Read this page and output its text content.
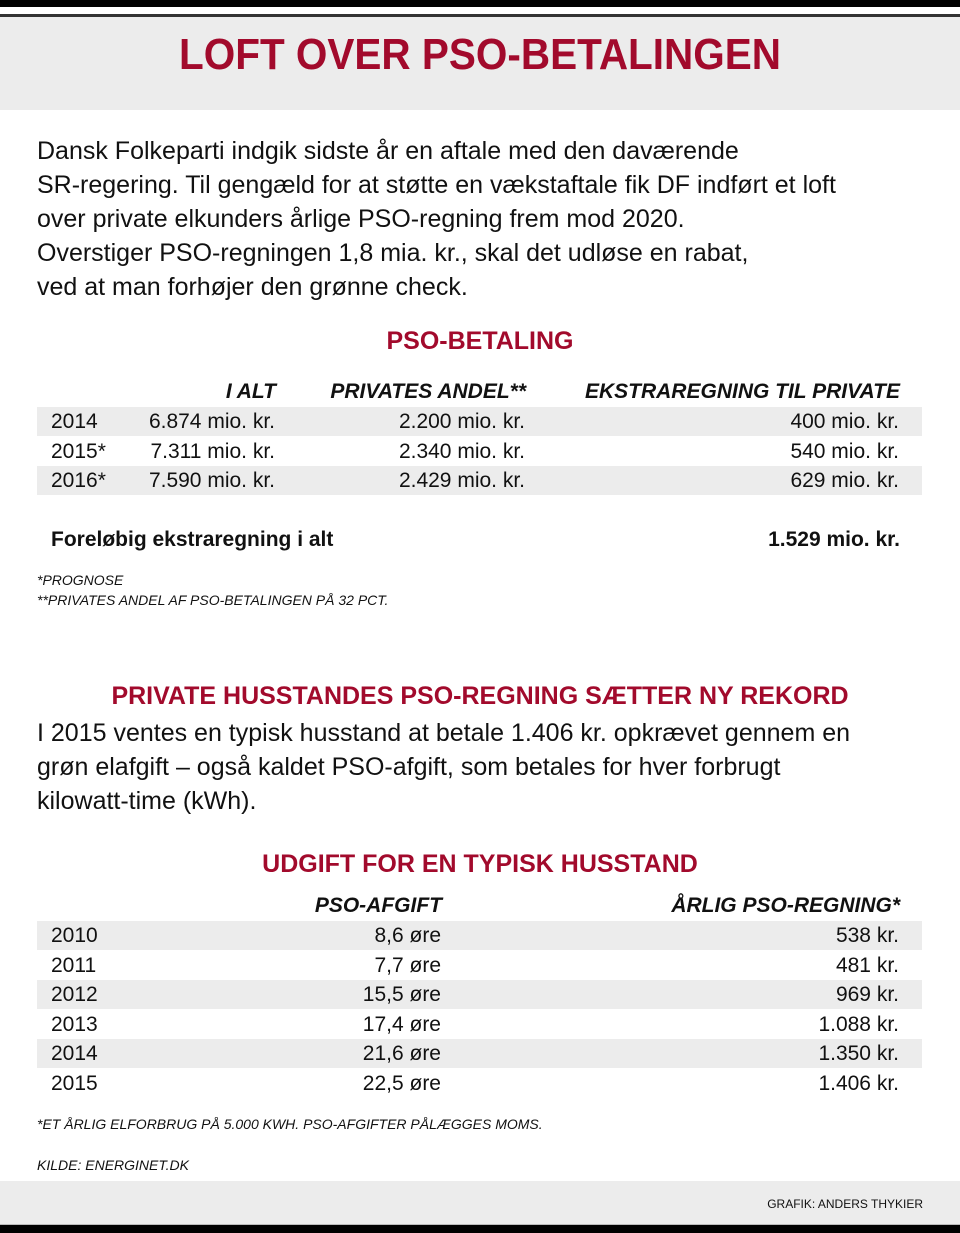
LOFT OVER PSO-BETALINGEN
Dansk Folkeparti indgik sidste år en aftale med den daværende
SR-regering. Til gengæld for at støtte en vækstaftale fik DF indført et loft
over private elkunders årlige PSO-regning frem mod 2020.
Overstiger PSO-regningen 1,8 mia. kr., skal det udløse en rabat,
ved at man forhøjer den grønne check.
PSO-BETALING
I ALT	PRIVATES ANDEL**	EKSTRAREGNING TIL PRIVATE
2014 6.874 mio. kr.	2.200 mio. kr.	400 mio. kr.
2015* 7.311 mio. kr.	2.340 mio. kr.	540 mio. kr.
2016* 7.590 mio. kr.	2.429 mio. kr.	629 mio. kr.
Foreløbig ekstraregning i alt	1.529 mio. kr.
*PROGNOSE
**PRIVATES ANDEL AF PSO-BETALINGEN PÅ 32 PCT.
PRIVATE HUSSTANDES PSO-REGNING SÆTTER NY REKORD
I 2015 ventes en typisk husstand at betale 1.406 kr. opkrævet gennem en
grøn elafgift – også kaldet PSO-afgift, som betales for hver forbrugt
kilowatt-time (kWh).
UDGIFT FOR EN TYPISK HUSSTAND
PSO-AFGIFT	ÅRLIG PSO-REGNING*
2010	8,6 øre	538 kr.
2011	7,7 øre	481 kr.
2012	15,5 øre	969 kr.
2013	17,4 øre	1.088 kr.
2014	21,6 øre	1.350 kr.
2015	22,5 øre	1.406 kr.
*ET ÅRLIG ELFORBRUG PÅ 5.000 KWH. PSO-AFGIFTER PÅLÆGGES MOMS.
KILDE: ENERGINET.DK
GRAFIK: ANDERS THYKIER
